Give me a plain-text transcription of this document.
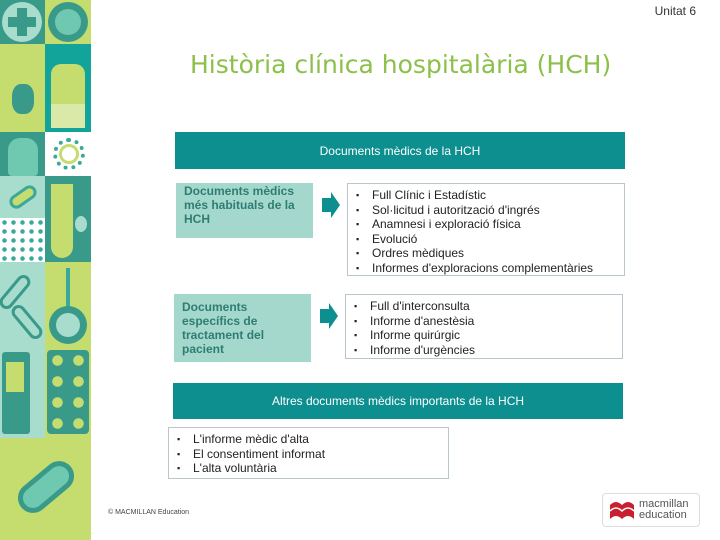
Unitat 6
Història clínica hospitalària (HCH)
Documents mèdics de la HCH
Documents mèdics més habituals de la HCH
▪ Full Clínic i Estadístic
▪ Sol·licitud i autorització d'ingrés
▪ Anamnesi i exploració física
▪ Evolució
▪ Ordres mèdiques
▪ Informes d'exploracions complementàries
Documents específics de tractament del pacient
▪ Full d'interconsulta
▪ Informe d'anestèsia
▪ Informe quirúrgic
▪ Informe d'urgències
Altres documents mèdics importants de la HCH
▪ L'informe mèdic d'alta
▪ El consentiment informat
▪ L'alta voluntària
© MACMILLAN Education
macmillan
education
